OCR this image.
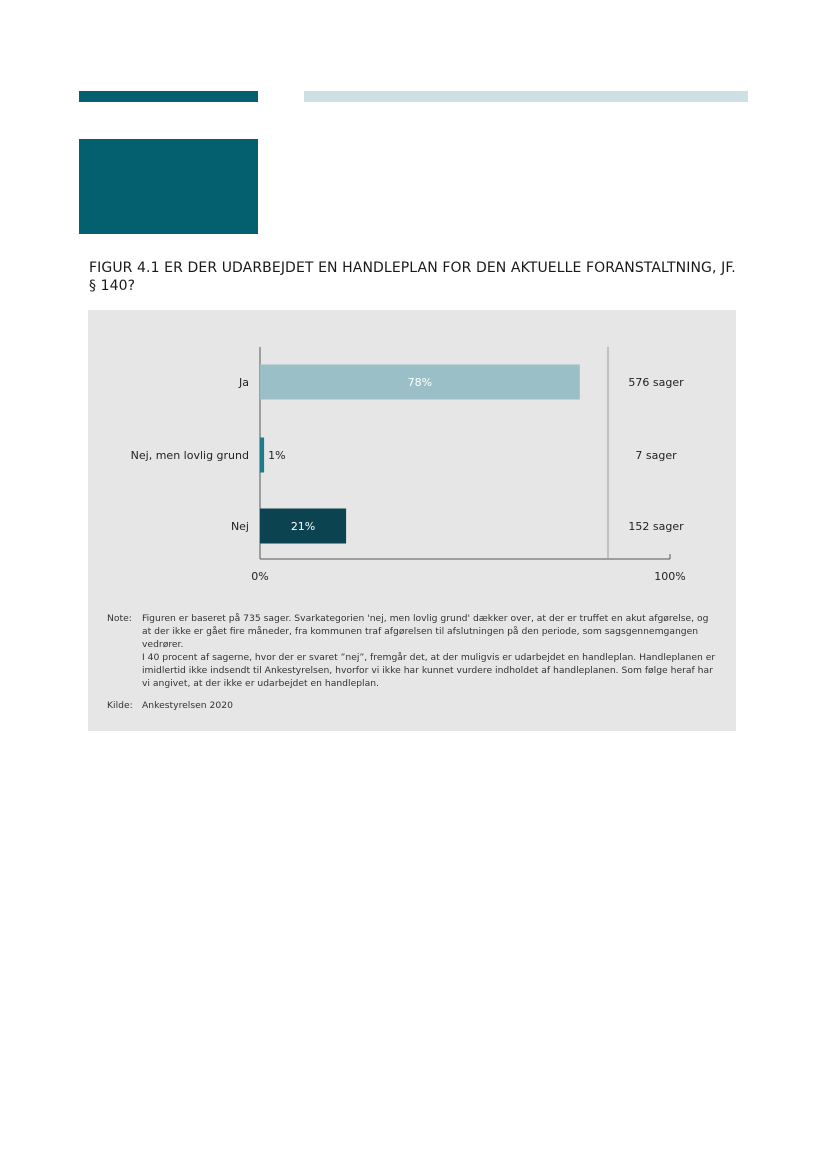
FIGUR 4.1 ER DER UDARBEJDET EN HANDLEPLAN FOR DEN AKTUELLE FORANSTALTNING, JF. § 140?
Ja	78%	576 sager
Nej, men lovlig grund 1%	7 sager
Nej	21%	152 sager
0%	100%
Note:	Figuren er baseret på 735 sager. Svarkategorien 'nej, men lovlig grund' dækker over, at der er truffet en akut afgørelse, og at der ikke er gået fire måneder, fra kommunen traf afgørelsen til afslutningen på den periode, som sagsgennemgangen vedrører.

I 40 procent af sagerne, hvor der er svaret ”nej”, fremgår det, at der muligvis er udarbejdet en handleplan. Handleplanen er imidlertid ikke indsendt til Ankestyrelsen, hvorfor vi ikke har kunnet vurdere indholdet af handleplanen. Som følge heraf har vi angivet, at der ikke er udarbejdet en handleplan.

Kilde:	Ankestyrelsen 2020
